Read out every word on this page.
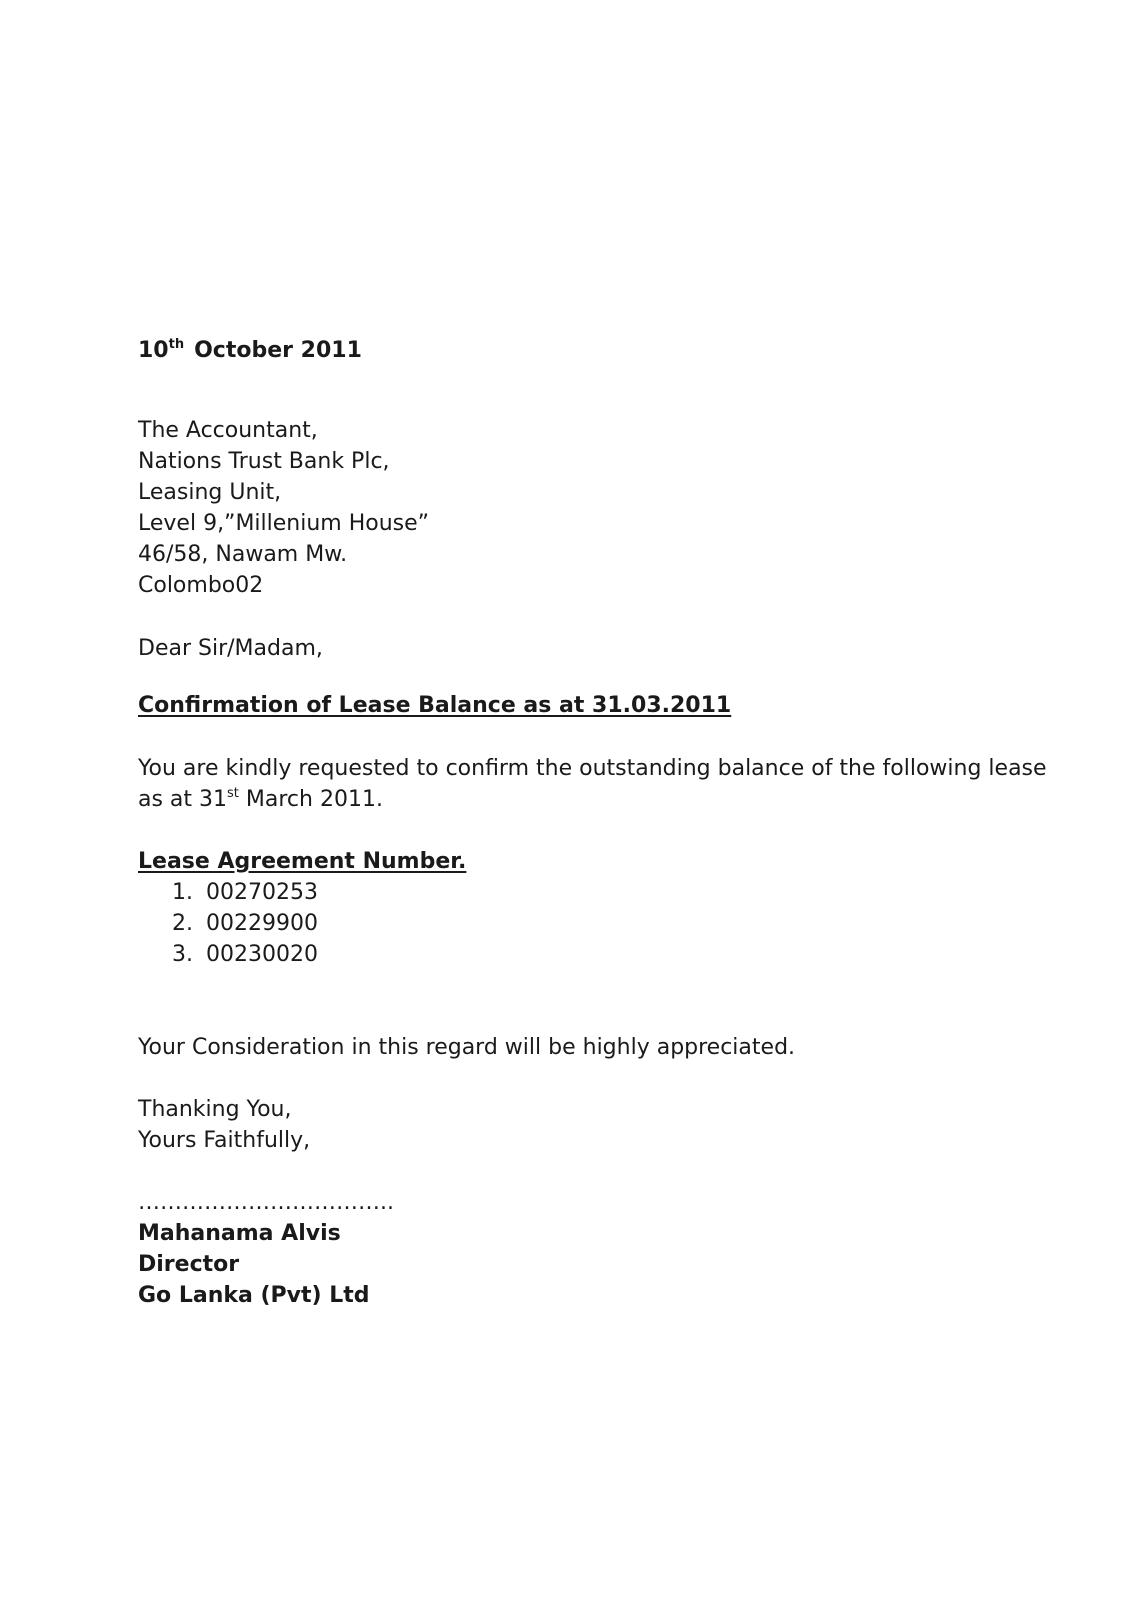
10th October 2011
The Accountant,
Nations Trust Bank Plc,
Leasing Unit,
Level 9,”Millenium House”
46/58, Nawam Mw.
Colombo02
Dear Sir/Madam,
Confirmation of Lease Balance as at 31.03.2011
You are kindly requested to confirm the outstanding balance of the following lease
as at 31st March 2011.
Lease Agreement Number.
1. 00270253
2. 00229900
3. 00230020
Your Consideration in this regard will be highly appreciated.
Thanking You,
Yours Faithfully,
……………………………..
Mahanama Alvis
Director
Go Lanka (Pvt) Ltd
